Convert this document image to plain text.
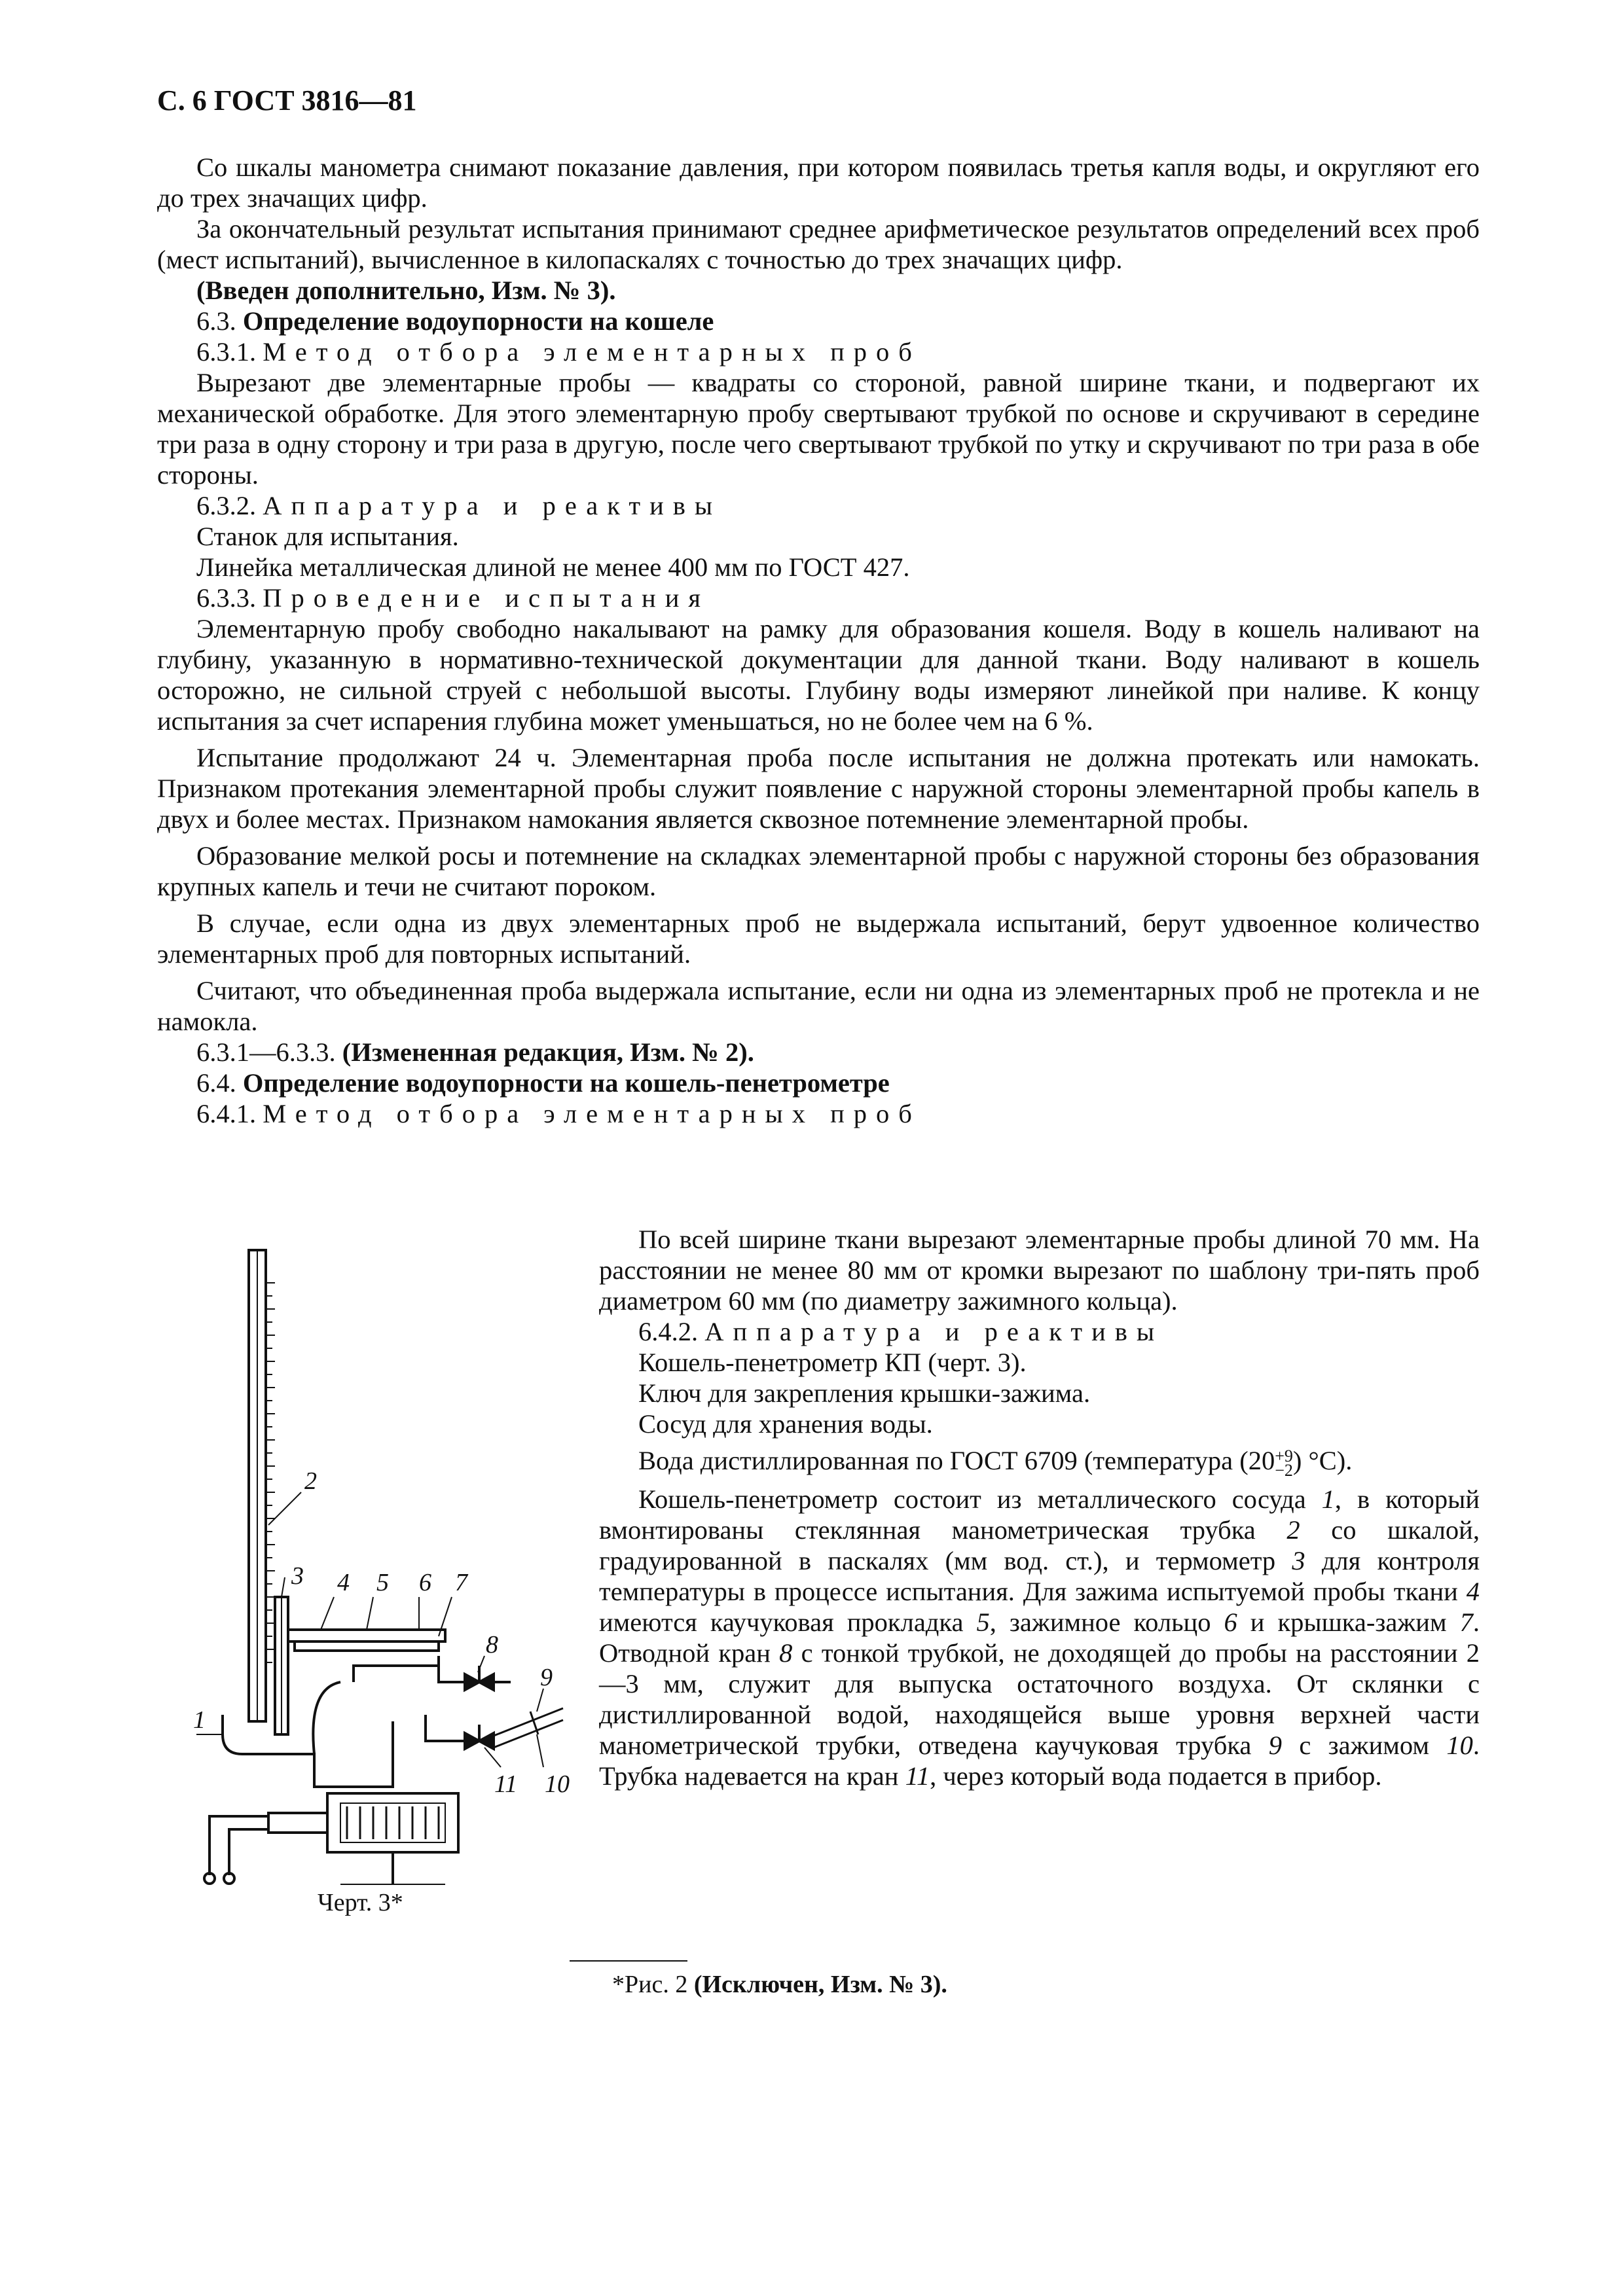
С. 6 ГОСТ 3816—81

Со шкалы манометра снимают показание давления, при котором появилась третья капля воды, и округляют его до трех значащих цифр.

За окончательный результат испытания принимают среднее арифметическое результатов определений всех проб (мест испытаний), вычисленное в килопаскалях с точностью до трех значащих цифр.

(Введен дополнительно, Изм. № 3).

6.3. Определение водоупорности на кошеле

6.3.1. Метод отбора элементарных проб

Вырезают две элементарные пробы — квадраты со стороной, равной ширине ткани, и подвергают их механической обработке. Для этого элементарную пробу свертывают трубкой по основе и скручивают в середине три раза в одну сторону и три раза в другую, после чего свертывают трубкой по утку и скручивают по три раза в обе стороны.

6.3.2. Аппаратура и реактивы

Станок для испытания.

Линейка металлическая длиной не менее 400 мм по ГОСТ 427.

6.3.3. Проведение испытания

Элементарную пробу свободно накалывают на рамку для образования кошеля. Воду в кошель наливают на глубину, указанную в нормативно-технической документации для данной ткани. Воду наливают в кошель осторожно, не сильной струей с небольшой высоты. Глубину воды измеряют линейкой при наливе. К концу испытания за счет испарения глубина может уменьшаться, но не более чем на 6 %.

Испытание продолжают 24 ч. Элементарная проба после испытания не должна протекать или намокать. Признаком протекания элементарной пробы служит появление с наружной стороны элементарной пробы капель в двух и более местах. Признаком намокания является сквозное потемнение элементарной пробы.

Образование мелкой росы и потемнение на складках элементарной пробы с наружной стороны без образования крупных капель и течи не считают пороком.

В случае, если одна из двух элементарных проб не выдержала испытаний, берут удвоенное количество элементарных проб для повторных испытаний.

Считают, что объединенная проба выдержала испытание, если ни одна из элементарных проб не протекла и не намокла.

6.3.1—6.3.3. (Измененная редакция, Изм. № 2).

6.4. Определение водоупорности на кошель-пенетрометре

6.4.1. Метод отбора элементарных проб

По всей ширине ткани вырезают элементарные пробы длиной 70 мм. На расстоянии не менее 80 мм от кромки вырезают по шаблону три-пять проб диаметром 60 мм (по диаметру зажимного кольца).

6.4.2. Аппаратура и реактивы

Кошель-пенетрометр КП (черт. 3).

Ключ для закрепления крышки-зажима.

Сосуд для хранения воды.

Вода дистиллированная по ГОСТ 6709 (температура (20+9
−2) °С).

Кошель-пенетрометр состоит из металлического сосуда 1, в который вмонтированы стеклянная манометрическая трубка 2 со шкалой, градуированной в паскалях (мм вод. ст.), и термометр 3 для контроля температуры в процессе испытания. Для зажима испытуемой пробы ткани 4 имеются каучуковая прокладка 5, зажимное кольцо 6 и крышка-зажим 7. Отводной кран 8 с тонкой трубкой, не доходящей до пробы на расстоянии 2—3 мм, служит для выпуска остаточного воздуха. От склянки с дистиллированной водой, находящейся выше уровня верхней части манометрической трубки, отведена каучуковая трубка 9 с зажимом 10. Трубка надевается на кран 11, через который вода подается в прибор.

1
2
3 4 5 6 7
8
9
10
11
Черт. 3*
*Рис. 2 (Исключен, Изм. № 3).
